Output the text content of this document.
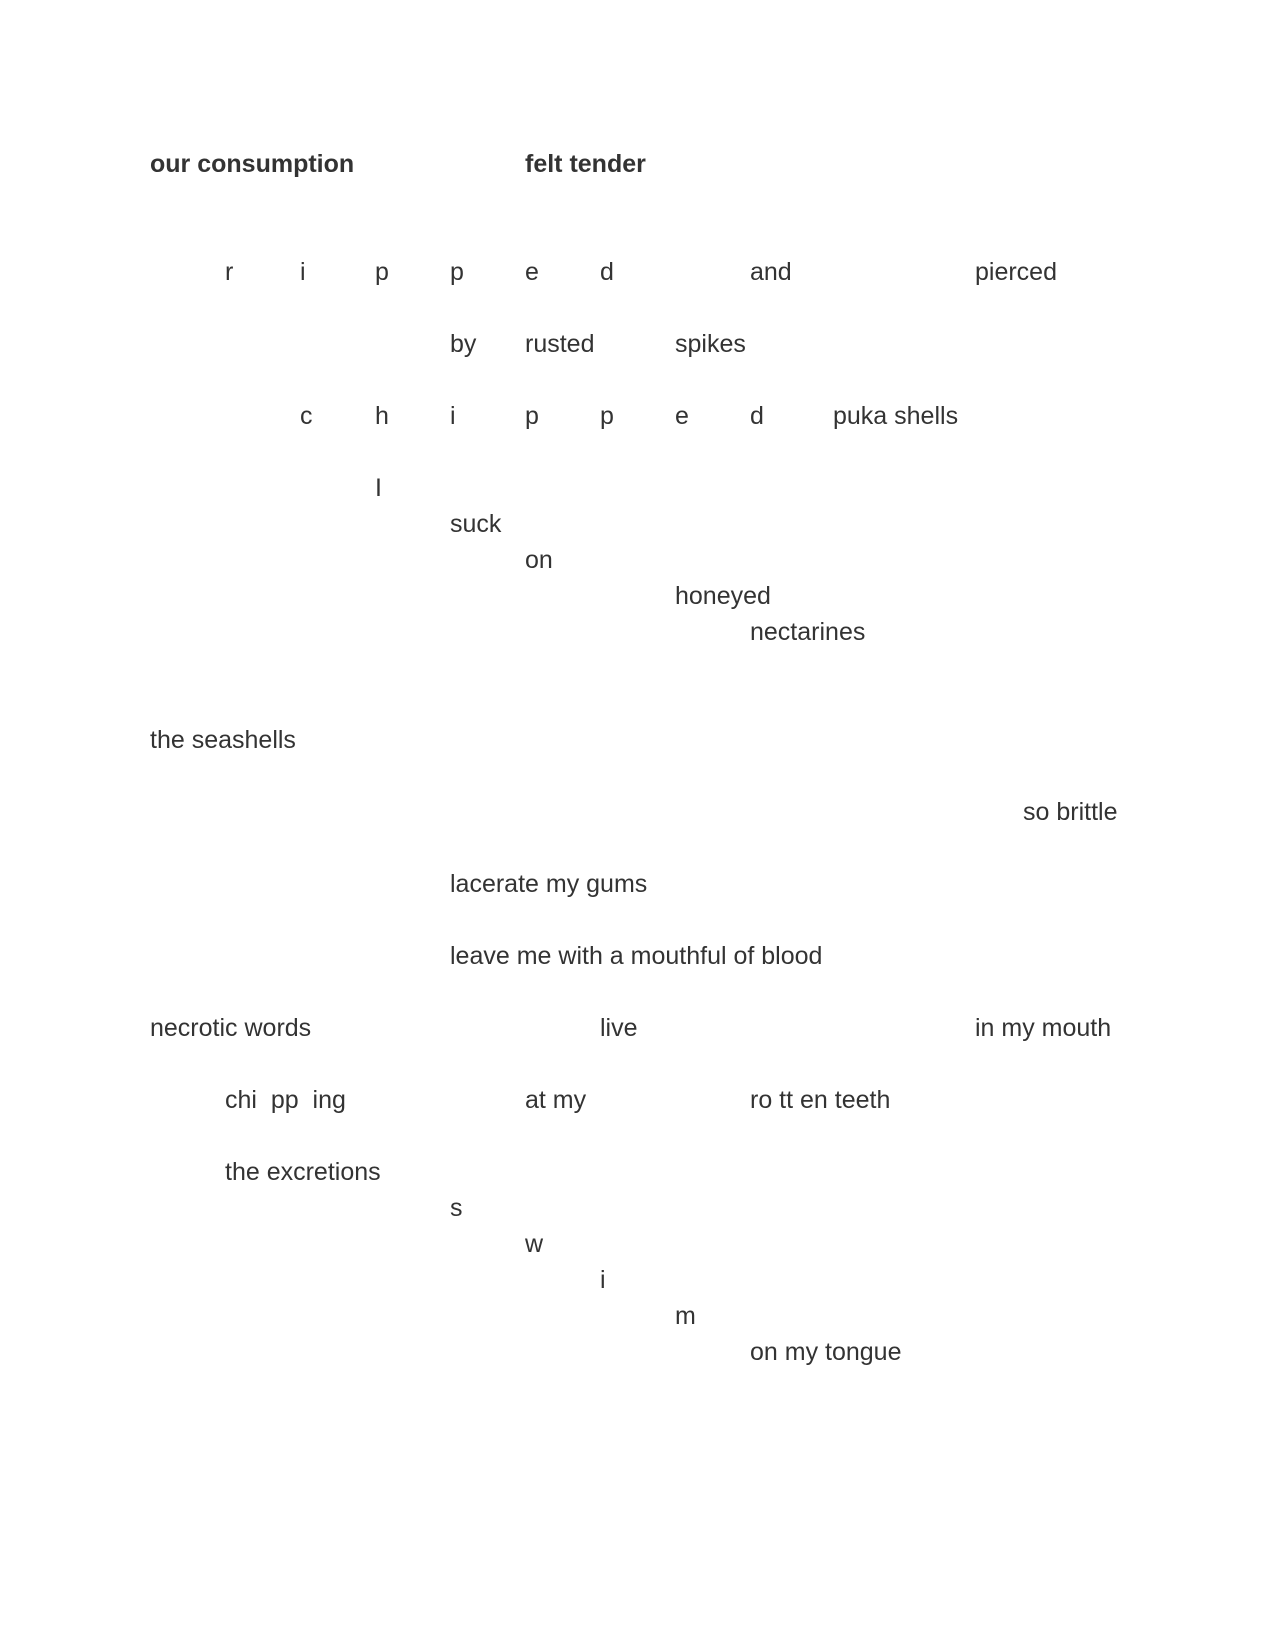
our consumption	felt tender
r	i	p p e d	and	pierced
by rusted	spikes
c	h i	p p e d	puka shells
I
suck
on
honeyed
nectarines
the seashells
so brittle
lacerate my gums
leave me with a mouthful of blood
necrotic words	live	in my mouth
chi  pp  ing	at my	ro tt en teeth
the excretions
s
w
i
m
on my tongue
